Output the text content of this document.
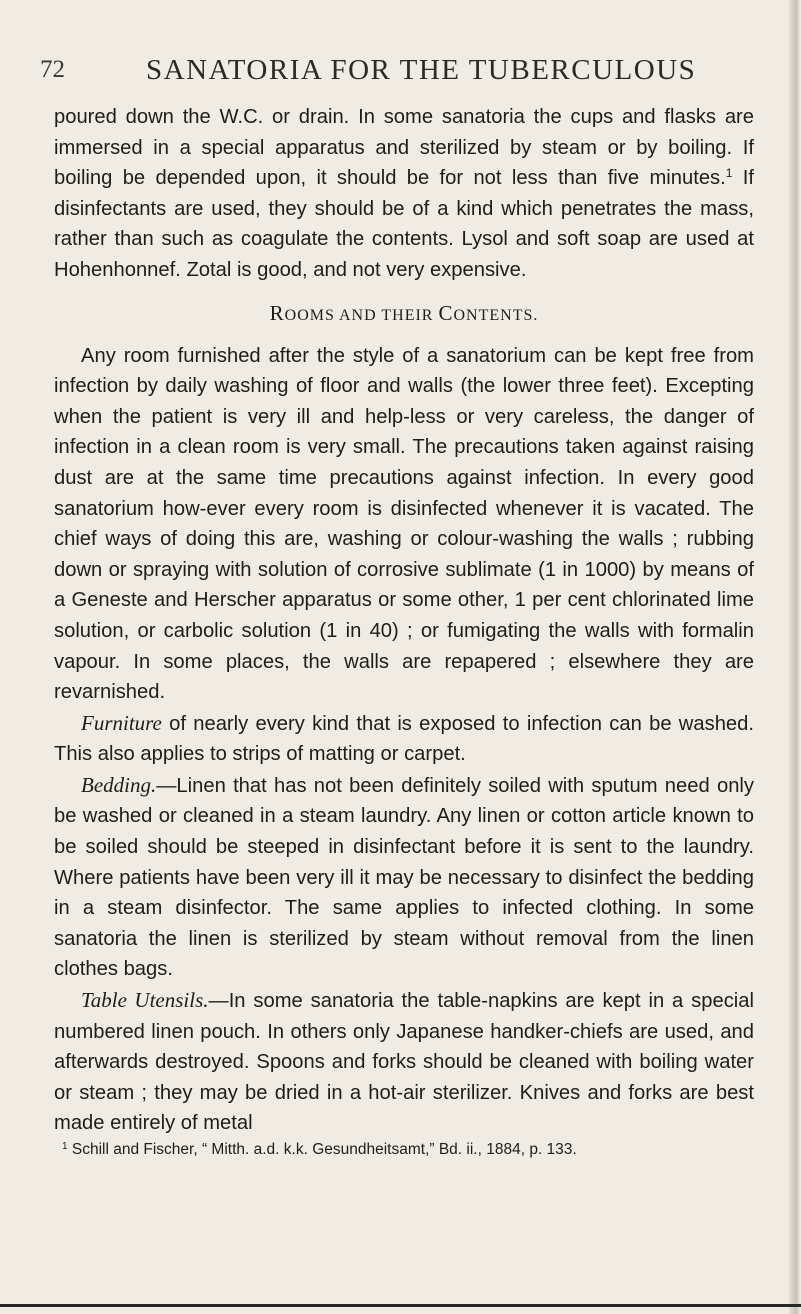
72	SANATORIA FOR THE TUBERCULOUS

poured down the W.C. or drain. In some sanatoria the cups and flasks are immersed in a special apparatus and sterilized by steam or by boiling. If boiling be depended upon, it should be for not less than five minutes.$^1$ If disinfectants are used, they should be of a kind which penetrates the mass, rather than such as coagulate the contents. Lysol and soft soap are used at Hohenhonnef. Zotal is good, and not very expensive.

ROOMS AND THEIR CONTENTS.

Any room furnished after the style of a sanatorium can be kept free from infection by daily washing of floor and walls (the lower three feet). Excepting when the patient is very ill and help-less or very careless, the danger of infection in a clean room is very small. The precautions taken against raising dust are at the same time precautions against infection. In every good sanatorium how-ever every room is disinfected whenever it is vacated. The chief ways of doing this are, washing or colour-washing the walls ; rubbing down or spraying with solution of corrosive sublimate (1 in 1000) by means of a Geneste and Herscher apparatus or some other, 1 per cent chlorinated lime solution, or carbolic solution (1 in 40) ; or fumigating the walls with formalin vapour. In some places, the walls are repapered ; elsewhere they are revarnished.

Furniture of nearly every kind that is exposed to infection can be washed. This also applies to strips of matting or carpet.

Bedding.—Linen that has not been definitely soiled with sputum need only be washed or cleaned in a steam laundry. Any linen or cotton article known to be soiled should be steeped in disinfectant before it is sent to the laundry. Where patients have been very ill it may be necessary to disinfect the bedding in a steam disinfector. The same applies to infected clothing. In some sanatoria the linen is sterilized by steam without removal from the linen clothes bags.

Table Utensils.—In some sanatoria the table-napkins are kept in a special numbered linen pouch. In others only Japanese handker-chiefs are used, and afterwards destroyed. Spoons and forks should be cleaned with boiling water or steam ; they may be dried in a hot-air sterilizer. Knives and forks are best made entirely of metal

$^1$ Schill and Fischer, “ Mitth. a.d. k.k. Gesundheitsamt,” Bd. ii., 1884, p. 133.
